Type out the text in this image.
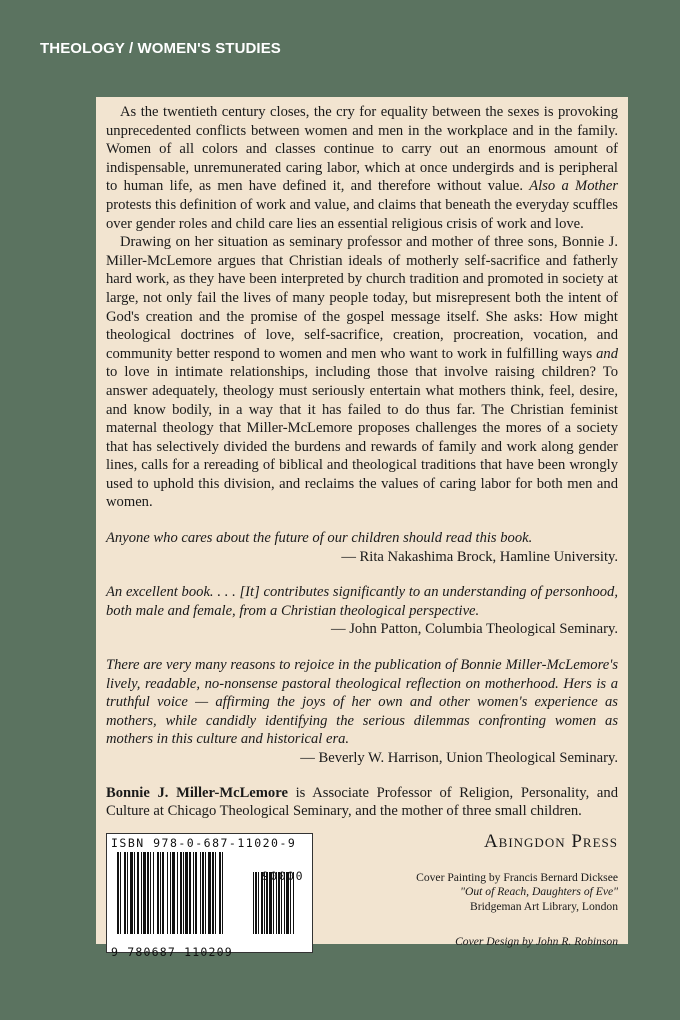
THEOLOGY / WOMEN'S STUDIES

As the twentieth century closes, the cry for equality between the sexes is provoking unprecedented conflicts between women and men in the workplace and in the family. Women of all colors and classes continue to carry out an enormous amount of indispensable, unremunerated caring labor, which at once undergirds and is peripheral to human life, as men have defined it, and therefore without value. Also a Mother protests this definition of work and value, and claims that beneath the everyday scuffles over gender roles and child care lies an essential religious crisis of work and love.

Drawing on her situation as seminary professor and mother of three sons, Bonnie J. Miller-McLemore argues that Christian ideals of motherly self-sacrifice and fatherly hard work, as they have been interpreted by church tradition and promoted in society at large, not only fail the lives of many people today, but misrepresent both the intent of God's creation and the promise of the gospel message itself. She asks: How might theological doctrines of love, self-sacrifice, creation, procreation, vocation, and community better respond to women and men who want to work in fulfilling ways and to love in intimate relationships, including those that involve raising children? To answer adequately, theology must seriously entertain what mothers think, feel, desire, and know bodily, in a way that it has failed to do thus far. The Christian feminist maternal theology that Miller-McLemore proposes challenges the mores of a society that has selectively divided the burdens and rewards of family and work along gender lines, calls for a rereading of biblical and theological traditions that have been wrongly used to uphold this division, and reclaims the values of caring labor for both men and women.

Anyone who cares about the future of our children should read this book.

— Rita Nakashima Brock, Hamline University.

An excellent book. . . . [It] contributes significantly to an understanding of personhood, both male and female, from a Christian theological perspective.

— John Patton, Columbia Theological Seminary.

There are very many reasons to rejoice in the publication of Bonnie Miller-McLemore's lively, readable, no-nonsense pastoral theological reflection on motherhood. Hers is a truthful voice — affirming the joys of her own and other women's experience as mothers, while candidly identifying the serious dilemmas confronting women as mothers in this culture and historical era.

— Beverly W. Harrison, Union Theological Seminary.

Bonnie J. Miller-McLemore is Associate Professor of Religion, Personality, and Culture at Chicago Theological Seminary, and the mother of three small children.

ISBN 978-0-687-11020-9
90000
9 780687 110209
Abingdon Press
Cover Painting by Francis Bernard Dicksee
"Out of Reach, Daughters of Eve"
Bridgeman Art Library, London
Cover Design by John R. Robinson
